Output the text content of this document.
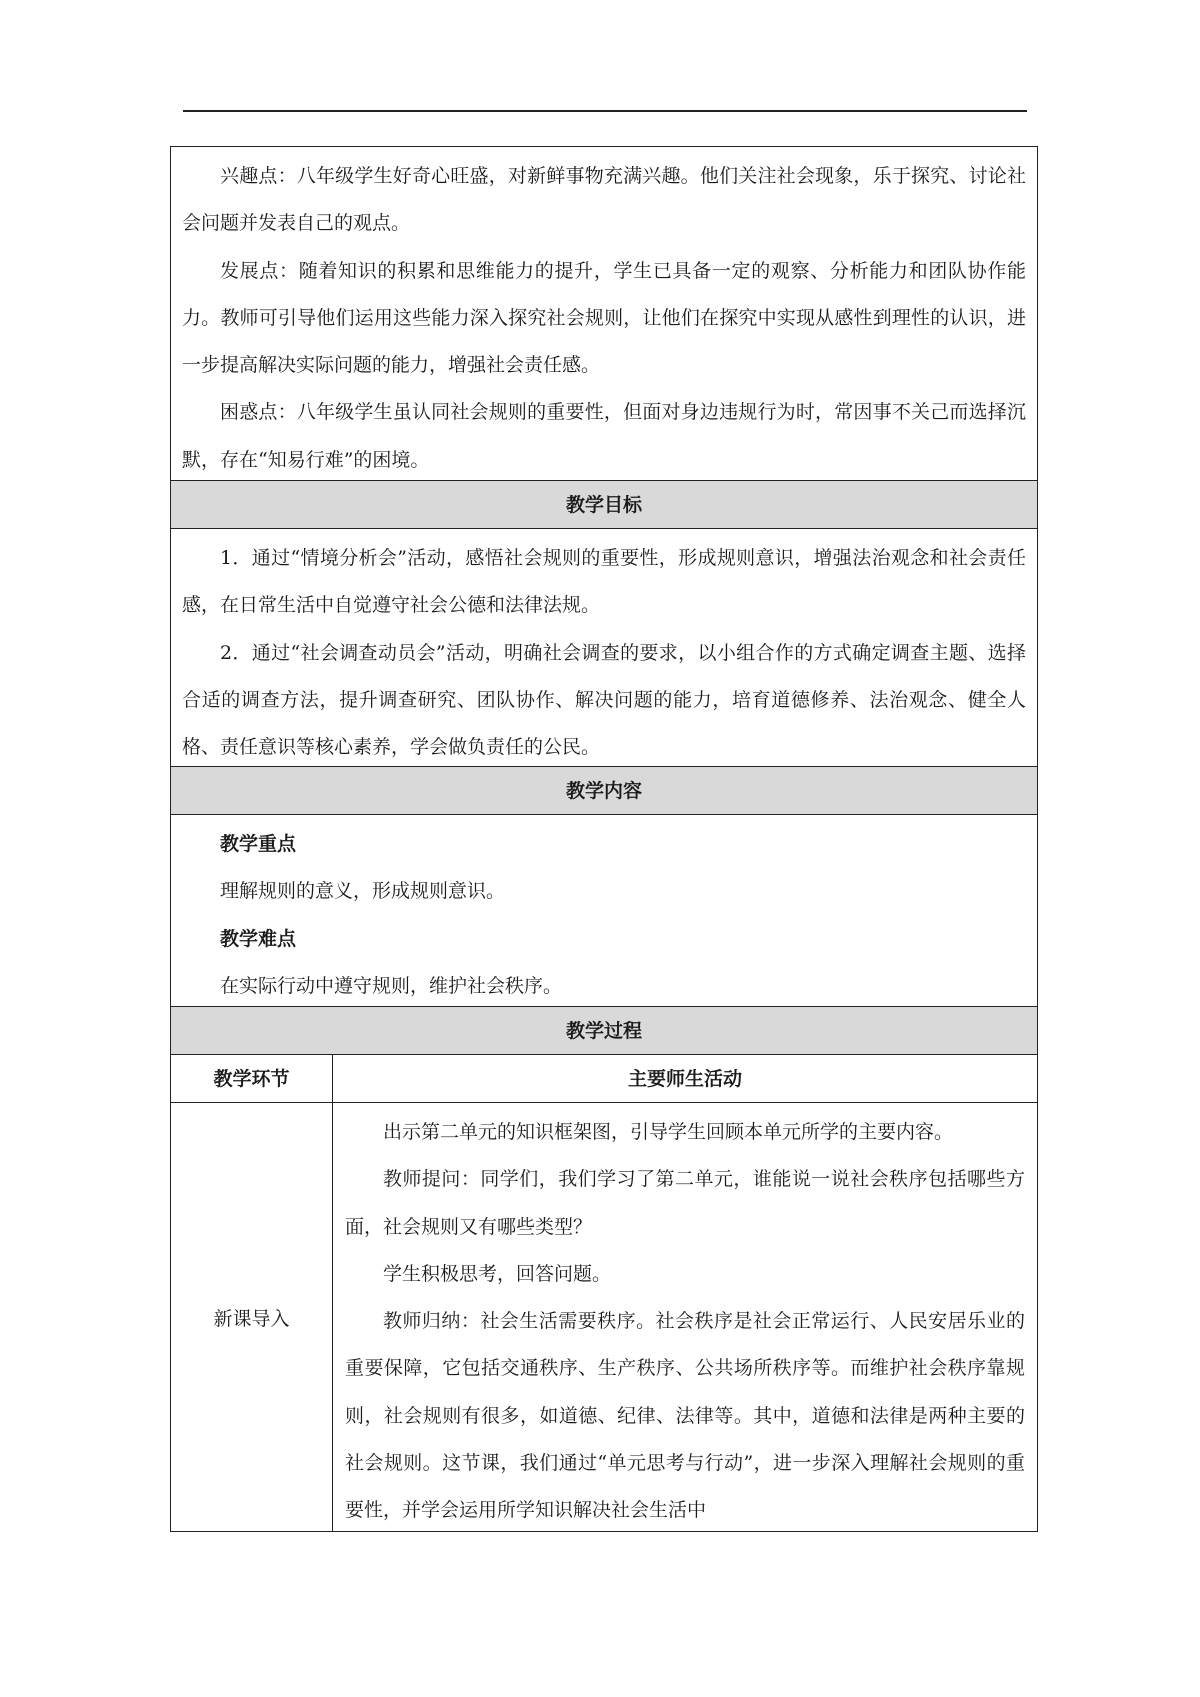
兴趣点：八年级学生好奇心旺盛，对新鲜事物充满兴趣。他们关注社会现象，乐于探究、讨论社会问题并发表自己的观点。

发展点：随着知识的积累和思维能力的提升，学生已具备一定的观察、分析能力和团队协作能力。教师可引导他们运用这些能力深入探究社会规则，让他们在探究中实现从感性到理性的认识，进一步提高解决实际问题的能力，增强社会责任感。

困惑点：八年级学生虽认同社会规则的重要性，但面对身边违规行为时，常因事不关己而选择沉默，存在“知易行难”的困境。

教学目标

1．通过“情境分析会”活动，感悟社会规则的重要性，形成规则意识，增强法治观念和社会责任感，在日常生活中自觉遵守社会公德和法律法规。

2．通过“社会调查动员会”活动，明确社会调查的要求，以小组合作的方式确定调查主题、选择合适的调查方法，提升调查研究、团队协作、解决问题的能力，培育道德修养、法治观念、健全人格、责任意识等核心素养，学会做负责任的公民。

教学内容

教学重点

理解规则的意义，形成规则意识。

教学难点

在实际行动中遵守规则，维护社会秩序。

教学过程
教学环节	主要师生活动
新课导入

出示第二单元的知识框架图，引导学生回顾本单元所学的主要内容。

教师提问：同学们，我们学习了第二单元，谁能说一说社会秩序包括哪些方面，社会规则又有哪些类型？

学生积极思考，回答问题。

教师归纳：社会生活需要秩序。社会秩序是社会正常运行、人民安居乐业的重要保障，它包括交通秩序、生产秩序、公共场所秩序等。而维护社会秩序靠规则，社会规则有很多，如道德、纪律、法律等。其中，道德和法律是两种主要的社会规则。这节课，我们通过“单元思考与行动”，进一步深入理解社会规则的重要性，并学会运用所学知识解决社会生活中
